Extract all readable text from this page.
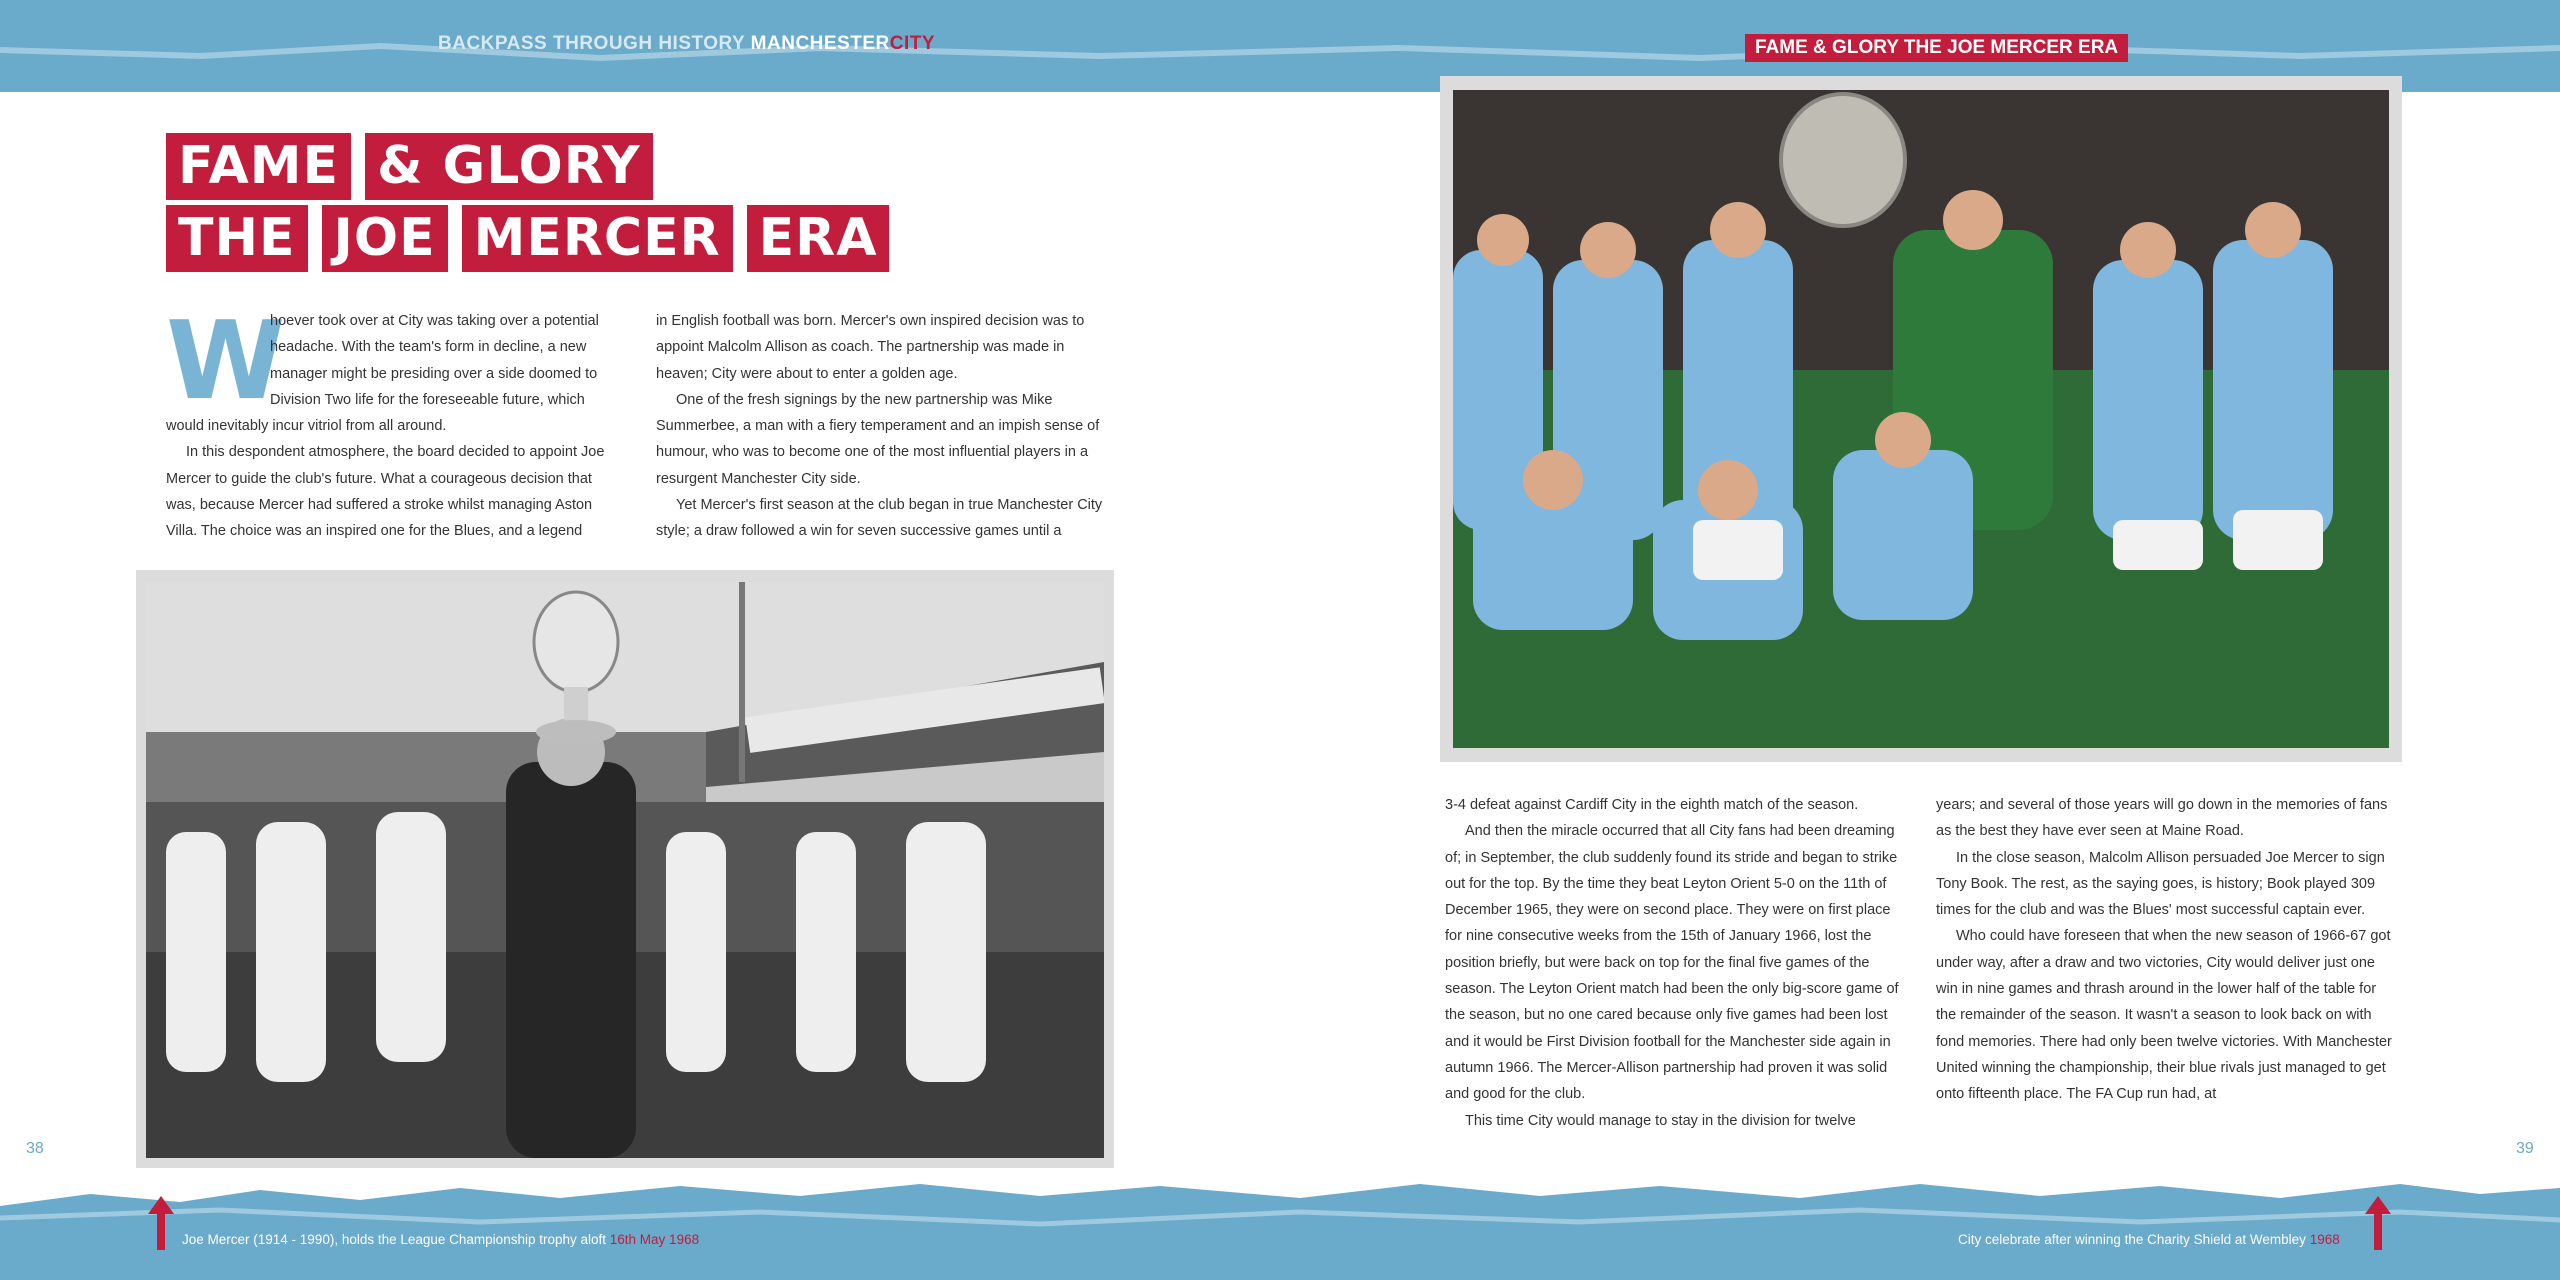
BACKPASS THROUGH HISTORY MANCHESTERCITY	FAME & GLORY THE JOE MERCER ERA
FAME & GLORY
THE JOE MERCER ERA
W

hoever took over at City was taking over a potential headache. With the team's form in decline, a new manager might be presiding over a side doomed to Division Two life for the foreseeable future, which

would inevitably incur vitriol from all around.

In this despondent atmosphere, the board decided to appoint Joe Mercer to guide the club's future. What a courageous decision that was, because Mercer had suffered a stroke whilst managing Aston Villa. The choice was an inspired one for the Blues, and a legend

in English football was born. Mercer's own inspired decision was to appoint Malcolm Allison as coach. The partnership was made in heaven; City were about to enter a golden age.

One of the fresh signings by the new partnership was Mike Summerbee, a man with a fiery temperament and an impish sense of humour, who was to become one of the most influential players in a resurgent Manchester City side.

Yet Mercer's first season at the club began in true Manchester City style; a draw followed a win for seven successive games until a

3-4 defeat against Cardiff City in the eighth match of the season.

And then the miracle occurred that all City fans had been dreaming of; in September, the club suddenly found its stride and began to strike out for the top. By the time they beat Leyton Orient 5-0 on the 11th of December 1965, they were on second place. They were on first place for nine consecutive weeks from the 15th of January 1966, lost the position briefly, but were back on top for the final five games of the season. The Leyton Orient match had been the only big-score game of the season, but no one cared because only five games had been lost and it would be First Division football for the Manchester side again in autumn 1966. The Mercer-Allison partnership had proven it was solid and good for the club.

This time City would manage to stay in the division for twelve

years; and several of those years will go down in the memories of fans as the best they have ever seen at Maine Road.

In the close season, Malcolm Allison persuaded Joe Mercer to sign Tony Book. The rest, as the saying goes, is history; Book played 309 times for the club and was the Blues' most successful captain ever.

Who could have foreseen that when the new season of 1966-67 got under way, after a draw and two victories, City would deliver just one win in nine games and thrash around in the lower half of the table for the remainder of the season. It wasn't a season to look back on with fond memories. There had only been twelve victories. With Manchester United winning the championship, their blue rivals just managed to get onto fifteenth place. The FA Cup run had, at

Joe Mercer (1914 - 1990), holds the League Championship trophy aloft 16th May 1968	City celebrate after winning the Charity Shield at Wembley 1968
38	39
